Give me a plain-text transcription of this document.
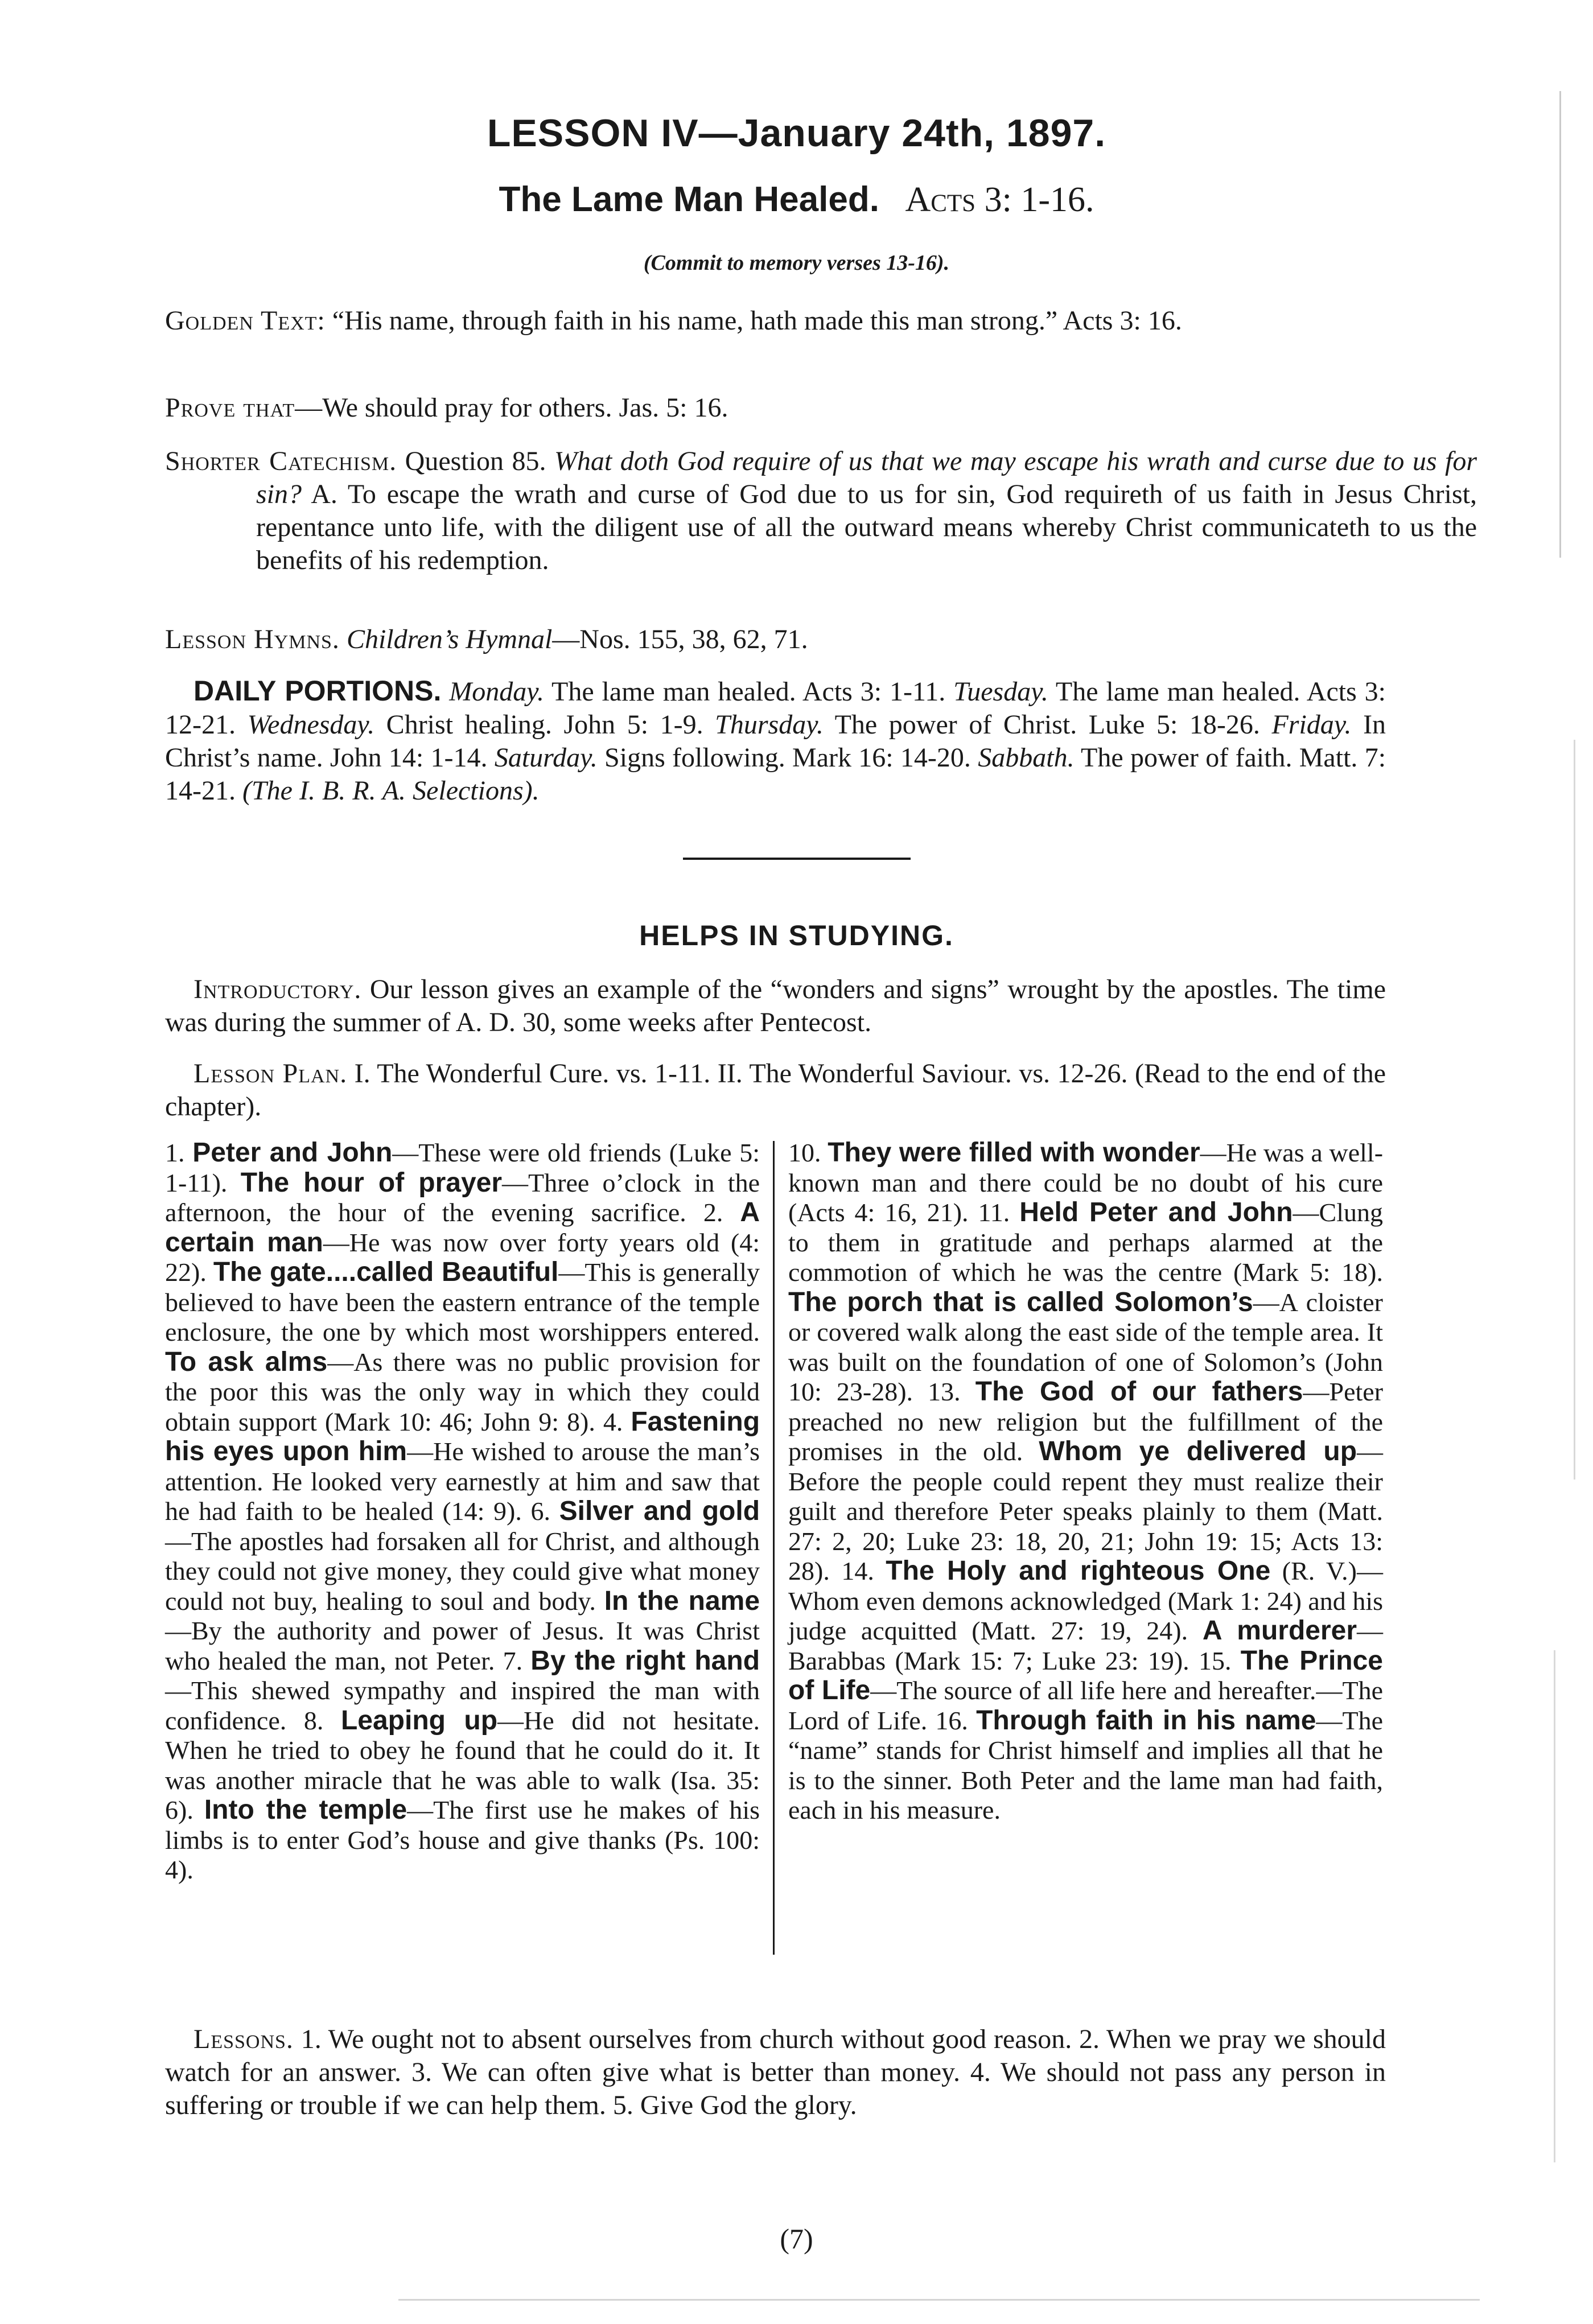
LESSON IV—January 24th, 1897.
The Lame Man Healed. Acts 3: 1-16.
(Commit to memory verses 13-16).
Golden Text: “His name, through faith in his name, hath made this man strong.” Acts 3: 16.
Prove that—We should pray for others. Jas. 5: 16.
Shorter Catechism. Question 85. What doth God require of us that we may escape his wrath and curse due to us for sin? A. To escape the wrath and curse of God due to us for sin, God requireth of us faith in Jesus Christ, repentance unto life, with the diligent use of all the outward means whereby Christ communicateth to us the benefits of his redemption.
Lesson Hymns. Children’s Hymnal—Nos. 155, 38, 62, 71.
DAILY PORTIONS. Monday. The lame man healed. Acts 3: 1-11. Tuesday. The lame man healed. Acts 3: 12-21. Wednesday. Christ healing. John 5: 1-9. Thursday. The power of Christ. Luke 5: 18-26. Friday. In Christ’s name. John 14: 1-14. Saturday. Signs following. Mark 16: 14-20. Sabbath. The power of faith. Matt. 7: 14-21. (The I. B. R. A. Selections).
HELPS IN STUDYING.
Introductory. Our lesson gives an example of the “wonders and signs” wrought by the apostles. The time was during the summer of A. D. 30, some weeks after Pentecost.
Lesson Plan. I. The Wonderful Cure. vs. 1-11. II. The Wonderful Saviour. vs. 12-26. (Read to the end of the chapter).
1. Peter and John—These were old friends (Luke 5: 1-11). The hour of prayer—Three o’clock in the afternoon, the hour of the evening sacrifice. 2. A certain man—He was now over forty years old (4: 22). The gate....called Beautiful—This is generally believed to have been the eastern entrance of the temple enclosure, the one by which most worshippers entered. To ask alms—As there was no public provision for the poor this was the only way in which they could obtain support (Mark 10: 46; John 9: 8). 4. Fastening his eyes upon him—He wished to arouse the man’s attention. He looked very earnestly at him and saw that he had faith to be healed (14: 9). 6. Silver and gold—The apostles had forsaken all for Christ, and although they could not give money, they could give what money could not buy, healing to soul and body. In the name—By the authority and power of Jesus. It was Christ who healed the man, not Peter. 7. By the right hand—This shewed sympathy and inspired the man with confidence. 8. Leaping up—He did not hesitate. When he tried to obey he found that he could do it. It was another miracle that he was able to walk (Isa. 35: 6). Into the temple—The first use he makes of his limbs is to enter God’s house and give thanks (Ps. 100: 4).
10. They were filled with wonder—He was a well-known man and there could be no doubt of his cure (Acts 4: 16, 21). 11. Held Peter and John—Clung to them in gratitude and perhaps alarmed at the commotion of which he was the centre (Mark 5: 18). The porch that is called Solomon’s—A cloister or covered walk along the east side of the temple area. It was built on the foundation of one of Solomon’s (John 10: 23-28). 13. The God of our fathers—Peter preached no new religion but the fulfillment of the promises in the old. Whom ye delivered up—Before the people could repent they must realize their guilt and therefore Peter speaks plainly to them (Matt. 27: 2, 20; Luke 23: 18, 20, 21; John 19: 15; Acts 13: 28). 14. The Holy and righteous One (R. V.)—Whom even demons acknowledged (Mark 1: 24) and his judge acquitted (Matt. 27: 19, 24). A murderer—Barabbas (Mark 15: 7; Luke 23: 19). 15. The Prince of Life—The source of all life here and hereafter.—The Lord of Life. 16. Through faith in his name—The “name” stands for Christ himself and implies all that he is to the sinner. Both Peter and the lame man had faith, each in his measure.
Lessons. 1. We ought not to absent ourselves from church without good reason. 2. When we pray we should watch for an answer. 3. We can often give what is better than money. 4. We should not pass any person in suffering or trouble if we can help them. 5. Give God the glory.
(7)
